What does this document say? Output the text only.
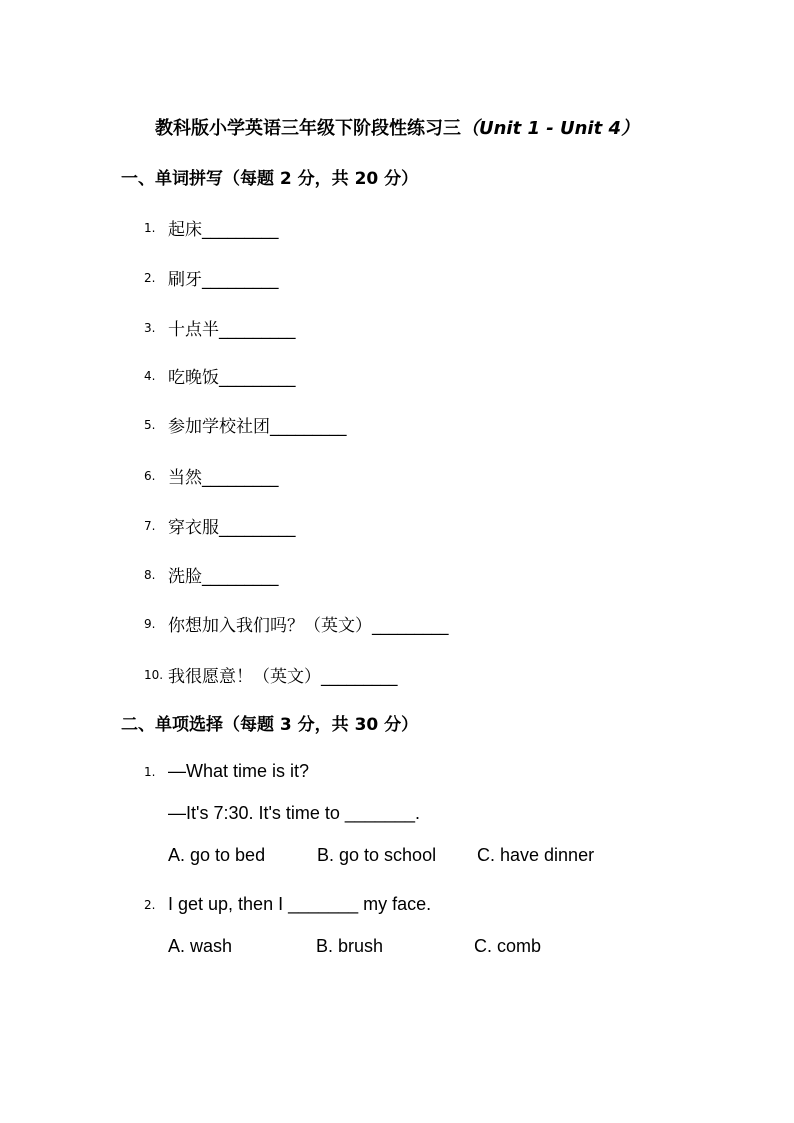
教科版小学英语三年级下阶段性练习三（Unit 1 - Unit 4）
一、单词拼写（每题 2 分，共 20 分）
1. 起床_________
2. 刷牙_________
3. 十点半_________
4. 吃晚饭_________
5. 参加学校社团_________
6. 当然_________
7. 穿衣服_________
8. 洗脸_________
9. 你想加入我们吗？（英文）_________
10. 我很愿意！（英文）_________
二、单项选择（每题 3 分，共 30 分）
1. —What time is it?
—It's 7:30. It's time to _______.
A. go to bed	B. go to school C. have dinner
2. I get up, then I _______ my face.
A. wash	B. brush	C. comb
